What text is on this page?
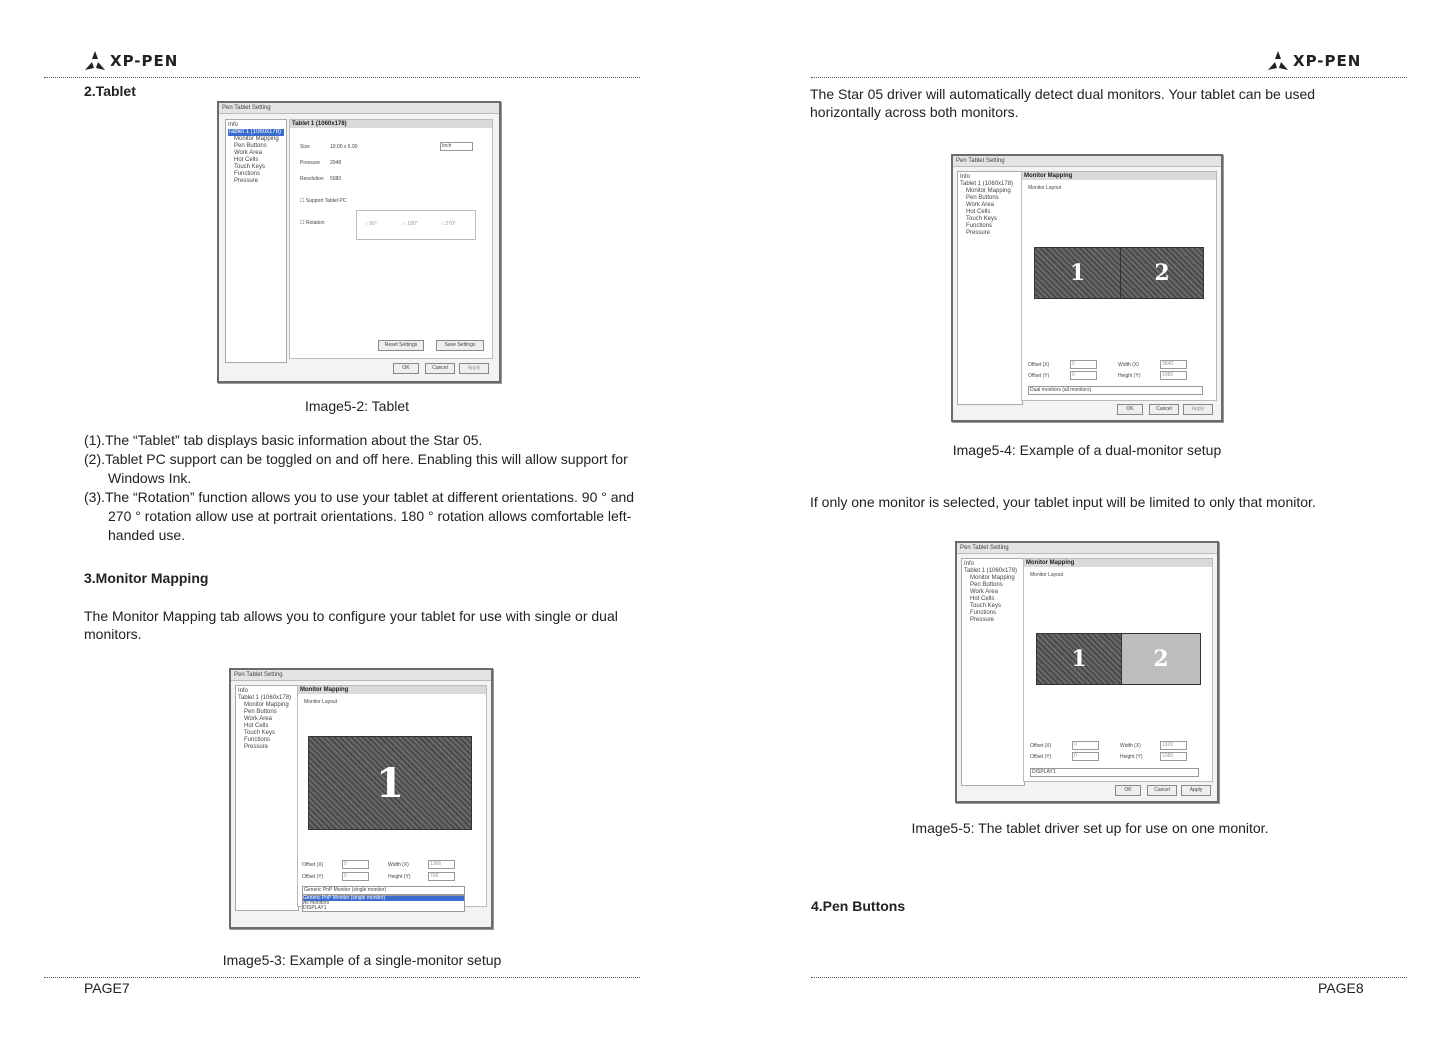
XP-PEN
2.Tablet
Pen Tablet Setting
Info
Tablet 1 (1060x178)
Monitor Mapping
Pen Buttons
Work Area
Hot Cells
Touch Keys
Functions
Pressure
Tablet 1 (1060x178)
Size	10.00 x 6.00	Inch
Pressure 2048
Resolution 5080
☐ Support Tablet PC
☐ Rotation	○ 90°	○ 180°	○ 270°
Reset Settings	Save Settings
OK	Cancel	Apply
Image5-2: Tablet
(1).The “Tablet” tab displays basic information about the Star 05.
(2).Tablet PC support can be toggled on and off here. Enabling this will allow support for Windows Ink.
(3).The “Rotation” function allows you to use your tablet at different orientations. 90 ° and 270 ° rotation allow use at portrait orientations. 180 ° rotation allows comfortable left-handed use.
3.Monitor Mapping
The Monitor Mapping tab allows you to configure your tablet for use with single or dual monitors.
Pen Tablet Setting
Info
Tablet 1 (1060x178)
Monitor Mapping
Pen Buttons
Work Area
Hot Cells
Touch Keys
Functions
Pressure
Monitor Mapping
Monitor Layout
1
Offset (X)	0
Offset (Y)	0
Width (X)	1366
Height (Y)	768
Generic PnP Monitor (single monitor)
Generic PnP Monitor (single monitor)
All monitors
DISPLAY1
Image5-3: Example of a single-monitor setup
PAGE7
XP-PEN
The Star 05 driver will automatically detect dual monitors. Your tablet can be used horizontally across both monitors.
Pen Tablet Setting
Info
Tablet 1 (1060x178)
Monitor Mapping
Pen Buttons
Work Area
Hot Cells
Touch Keys
Functions
Pressure
Monitor Mapping
Monitor Layout
1	2
Offset (X)	0
Offset (Y)	0
Width (X)	3840
Height (Y)	1080
Dual monitors (all monitors)
OK	Cancel	Apply
Image5-4: Example of a dual-monitor setup
If only one monitor is selected, your tablet input will be limited to only that monitor.
Pen Tablet Setting
Info
Tablet 1 (1060x178)
Monitor Mapping
Pen Buttons
Work Area
Hot Cells
Touch Keys
Functions
Pressure
Monitor Mapping
Monitor Layout
1	2
Offset (X)	0
Offset (Y)	0
Width (X)	1920
Height (Y)	1080
DISPLAY1
OK	Cancel	Apply
Image5-5: The tablet driver set up for use on one monitor.
4.Pen Buttons
PAGE8
